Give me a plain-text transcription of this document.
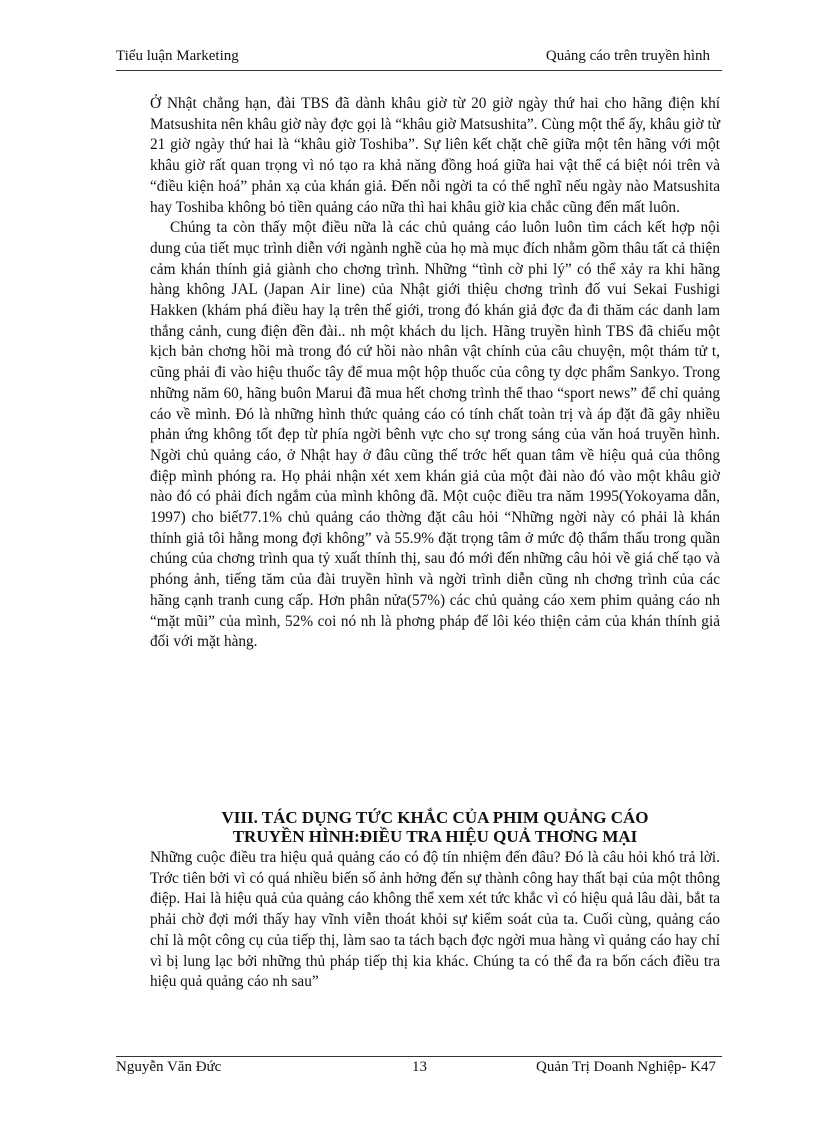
Tiểu luận Marketing	Quảng cáo trên truyền hình

Ở Nhật chẳng hạn, đài TBS đã dành khâu giờ từ 20 giờ ngày thứ hai cho hãng điện khí Matsushita nên khâu giờ này đợc gọi là “khâu giờ Matsushita”. Cùng một thể ấy, khâu giờ từ 21 giờ ngày thứ hai là “khâu giờ Toshiba”. Sự liên kết chặt chẽ giữa một tên hãng với một khâu giờ rất quan trọng vì nó tạo ra khả năng đồng hoá giữa hai vật thể cá biệt nói trên và “điều kiện hoá” phản xạ của khán giả. Đến nỗi ngời ta có thể nghĩ nếu ngày nào Matsushita hay Toshiba không bỏ tiền quảng cáo nữa thì hai khâu giờ kia chắc cũng đến mất luôn.

Chúng ta còn thấy một điều nữa là các chủ quảng cáo luôn luôn tìm cách kết hợp nội dung của tiết mục trình diễn với ngành nghề của họ mà mục đích nhằm gồm thâu tất cả thiện cảm khán thính giả giành cho chơng trình. Những “tình cờ phi lý” có thể xảy ra khi hãng hàng không JAL (Japan Air line) của Nhật giới thiệu chơng trình đố vui Sekai Fushigi Hakken (khám phá điều hay lạ trên thế giới, trong đó khán giả đợc đa đi thăm các danh lam thắng cảnh, cung điện đền đài.. nh một khách du lịch. Hãng truyền hình TBS đã chiếu một kịch bản chơng hồi mà trong đó cứ hồi nào nhân vật chính của câu chuyện, một thám tử t, cũng phải đi vào hiệu thuốc tây để mua một hộp thuốc của công ty dợc phẩm Sankyo. Trong những năm 60, hãng buôn Marui đã mua hết chơng trình thể thao “sport news” để chỉ quảng cáo về mình. Đó là những hình thức quảng cáo có tính chất toàn trị và áp đặt đã gây nhiều phản ứng không tốt đẹp từ phía ngời bênh vực cho sự trong sáng của văn hoá truyền hình. Ngời chủ quảng cáo, ở Nhật hay ở đâu cũng thế trớc hết quan tâm về hiệu quả của thông điệp mình phóng ra. Họ phải nhận xét xem khán giả của một đài nào đó vào một khâu giờ nào đó có phải đích ngắm của mình không đã. Một cuộc điều tra năm 1995(Yokoyama dẫn, 1997) cho biết77.1% chủ quảng cáo thờng đặt câu hỏi “Những ngời này có phải là khán thính giả tôi hằng mong đợi không” và 55.9% đặt trọng tâm ở mức độ thẩm thấu trong quần chúng của chơng trình qua tỷ xuất thính thị, sau đó mới đến những câu hỏi về giá chế tạo và phóng ảnh, tiếng tăm của đài truyền hình và ngời trình diễn cũng nh chơng trình của các hãng cạnh tranh cung cấp. Hơn phân nửa(57%) các chủ quảng cáo xem phim quảng cáo nh “mặt mũi” của mình, 52% coi nó nh là phơng pháp để lôi kéo thiện cảm của khán thính giả đối với mặt hàng.

VIII. TÁC DỤNG TỨC KHẮC CỦA PHIM QUẢNG CÁO
TRUYỀN HÌNH:ĐIỀU TRA HIỆU QUẢ THƠNG MẠI

Những cuộc điều tra hiệu quả quảng cáo có độ tín nhiệm đến đâu? Đó là câu hỏi khó trả lời. Trớc tiên bởi vì có quá nhiều biến số ảnh hởng đến sự thành công hay thất bại của một thông điệp. Hai là hiệu quả của quảng cáo không thể xem xét tức khắc vì có hiệu quả lâu dài, bắt ta phải chờ đợi mới thấy hay vĩnh viễn thoát khỏi sự kiểm soát của ta. Cuối cùng, quảng cáo chỉ là một công cụ của tiếp thị, làm sao ta tách bạch đợc ngời mua hàng vì quảng cáo hay chỉ vì bị lung lạc bởi những thủ pháp tiếp thị kia khác. Chúng ta có thể đa ra bốn cách điều tra hiệu quả quảng cáo nh sau”

Nguyễn Văn Đức	13	Quản Trị Doanh Nghiệp- K47
